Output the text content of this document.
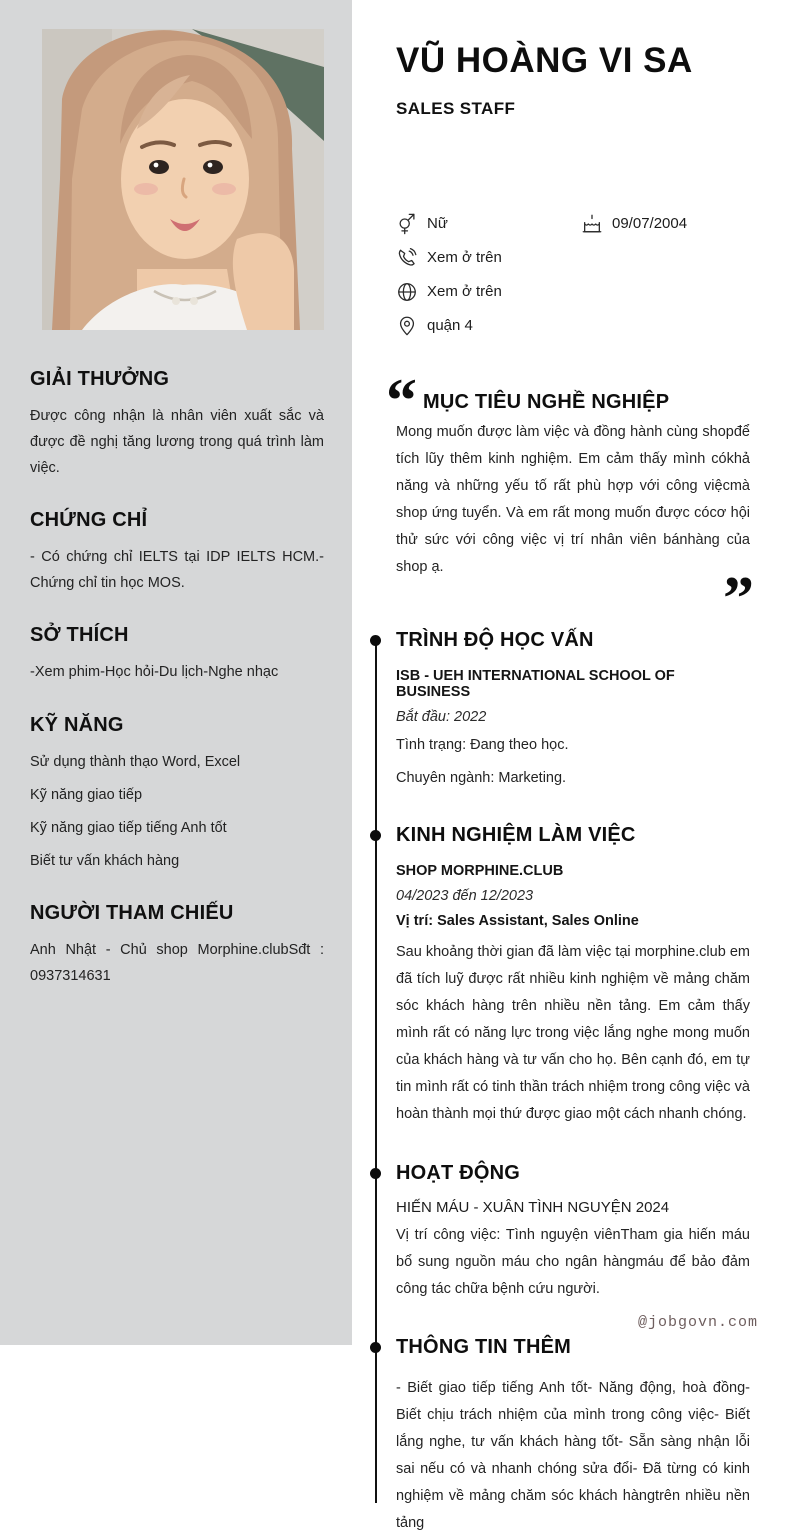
GIẢI THƯỞNG

Được công nhận là nhân viên xuất sắc và được đề nghị tăng lương trong quá trình làm việc.

CHỨNG CHỈ

- Có chứng chỉ IELTS tại IDP IELTS HCM.- Chứng chỉ tin học MOS.

SỞ THÍCH

-Xem phim-Học hỏi-Du lịch-Nghe nhạc

KỸ NĂNG

Sử dụng thành thạo Word, Excel

Kỹ năng giao tiếp

Kỹ năng giao tiếp tiếng Anh tốt

Biết tư vấn khách hàng

NGƯỜI THAM CHIẾU

Anh Nhật - Chủ shop Morphine.clubSđt : 0937314631

VŨ HOÀNG VI SA
SALES STAFF
Nữ	09/07/2004
Xem ở trên
Xem ở trên
quận 4
“ MỤC TIÊU NGHỀ NGHIỆP

Mong muốn được làm việc và đồng hành cùng shopđể tích lũy thêm kinh nghiệm. Em cảm thấy mình cókhả năng và những yếu tố rất phù hợp với công việcmà shop ứng tuyển. Và em rất mong muốn được cócơ hội thử sức với công việc vị trí nhân viên bánhàng của shop ạ.	”
TRÌNH ĐỘ HỌC VẤN

ISB - UEH INTERNATIONAL SCHOOL OF BUSINESS

Bắt đầu: 2022

Tình trạng: Đang theo học.

Chuyên ngành: Marketing.

KINH NGHIỆM LÀM VIỆC

SHOP MORPHINE.CLUB

04/2023 đến 12/2023

Vị trí: Sales Assistant, Sales Online

Sau khoảng thời gian đã làm việc tại morphine.club em đã tích luỹ được rất nhiều kinh nghiệm về mảng chăm sóc khách hàng trên nhiều nền tảng. Em cảm thấy mình rất có năng lực trong việc lắng nghe mong muốn của khách hàng và tư vấn cho họ. Bên cạnh đó, em tự tin mình rất có tinh thần trách nhiệm trong công việc và hoàn thành mọi thứ được giao một cách nhanh chóng.

HOẠT ĐỘNG

HIẾN MÁU - XUÂN TÌNH NGUYỆN 2024

Vị trí công việc: Tình nguyện viênTham gia hiến máu bổ sung nguồn máu cho ngân hàngmáu để bảo đảm công tác chữa bệnh cứu người.

THÔNG TIN THÊM

- Biết giao tiếp tiếng Anh tốt- Năng động, hoà đồng- Biết chịu trách nhiệm của mình trong công việc- Biết lắng nghe, tư vấn khách hàng tốt- Sẵn sàng nhận lỗi sai nếu có và nhanh chóng sửa đổi- Đã từng có kinh nghiệm về mảng chăm sóc khách hàngtrên nhiều nền tảng

@jobgovn.com
